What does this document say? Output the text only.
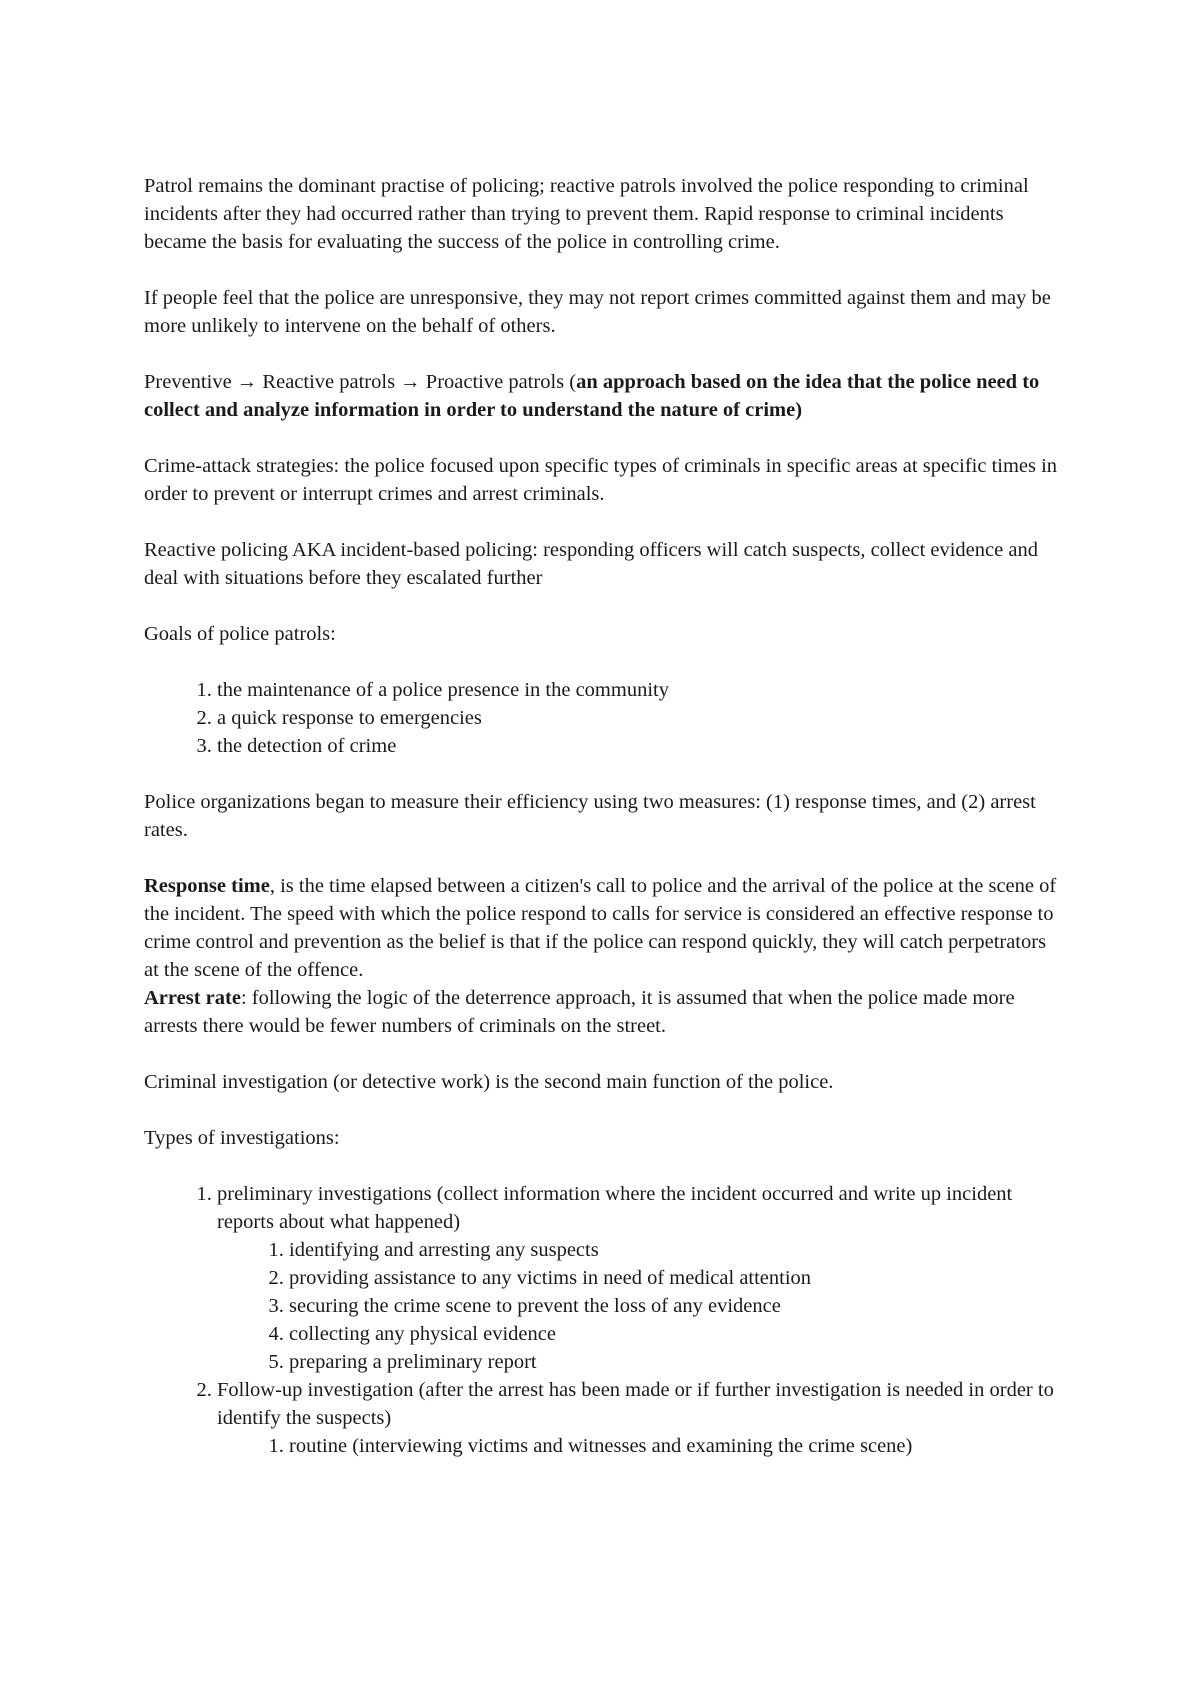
Patrol remains the dominant practise of policing; reactive patrols involved the police responding to criminal incidents after they had occurred rather than trying to prevent them. Rapid response to criminal incidents became the basis for evaluating the success of the police in controlling crime.

If people feel that the police are unresponsive, they may not report crimes committed against them and may be more unlikely to intervene on the behalf of others.

Preventive → Reactive patrols → Proactive patrols (an approach based on the idea that the police need to collect and analyze information in order to understand the nature of crime)

Crime-attack strategies: the police focused upon specific types of criminals in specific areas at specific times in order to prevent or interrupt crimes and arrest criminals.

Reactive policing AKA incident-based policing: responding officers will catch suspects, collect evidence and deal with situations before they escalated further

Goals of police patrols:

1. the maintenance of a police presence in the community
2. a quick response to emergencies
3. the detection of crime

Police organizations began to measure their efficiency using two measures: (1) response times, and (2) arrest rates.

Response time, is the time elapsed between a citizen's call to police and the arrival of the police at the scene of the incident. The speed with which the police respond to calls for service is considered an effective response to crime control and prevention as the belief is that if the police can respond quickly, they will catch perpetrators at the scene of the offence.

Arrest rate: following the logic of the deterrence approach, it is assumed that when the police made more arrests there would be fewer numbers of criminals on the street.

Criminal investigation (or detective work) is the second main function of the police.

Types of investigations:

1. preliminary investigations (collect information where the incident occurred and write up incident reports about what happened)
1. identifying and arresting any suspects
2. providing assistance to any victims in need of medical attention
3. securing the crime scene to prevent the loss of any evidence
4. collecting any physical evidence
5. preparing a preliminary report
2. Follow-up investigation (after the arrest has been made or if further investigation is needed in order to identify the suspects)
1. routine (interviewing victims and witnesses and examining the crime scene)
